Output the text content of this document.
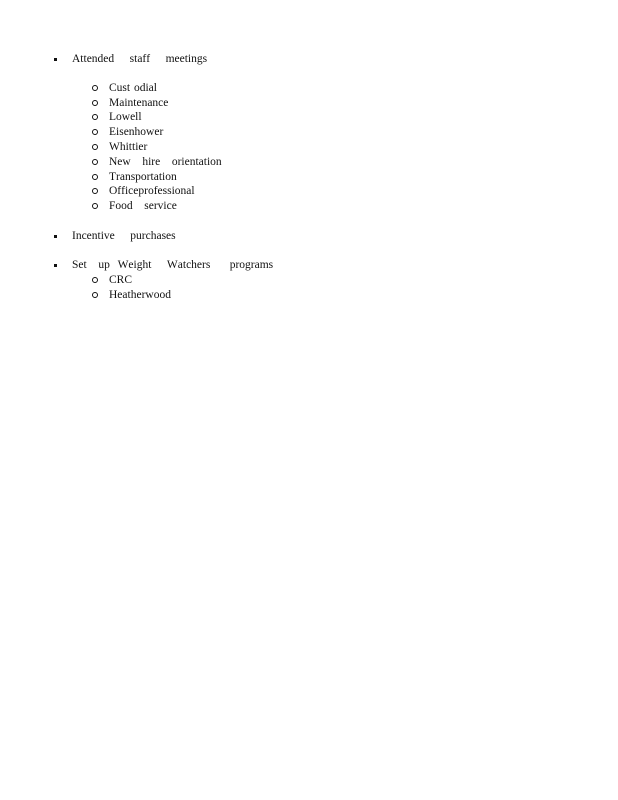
Attended    staff    meetings
Cust odial
Maintenance
Lowell
Eisenhower
Whittier
New   hire   orientation
Transportation
Officeprofessional
Food   service
Incentive    purchases
Set   up  Weight    Watchers     programs
CRC
Heatherwood
